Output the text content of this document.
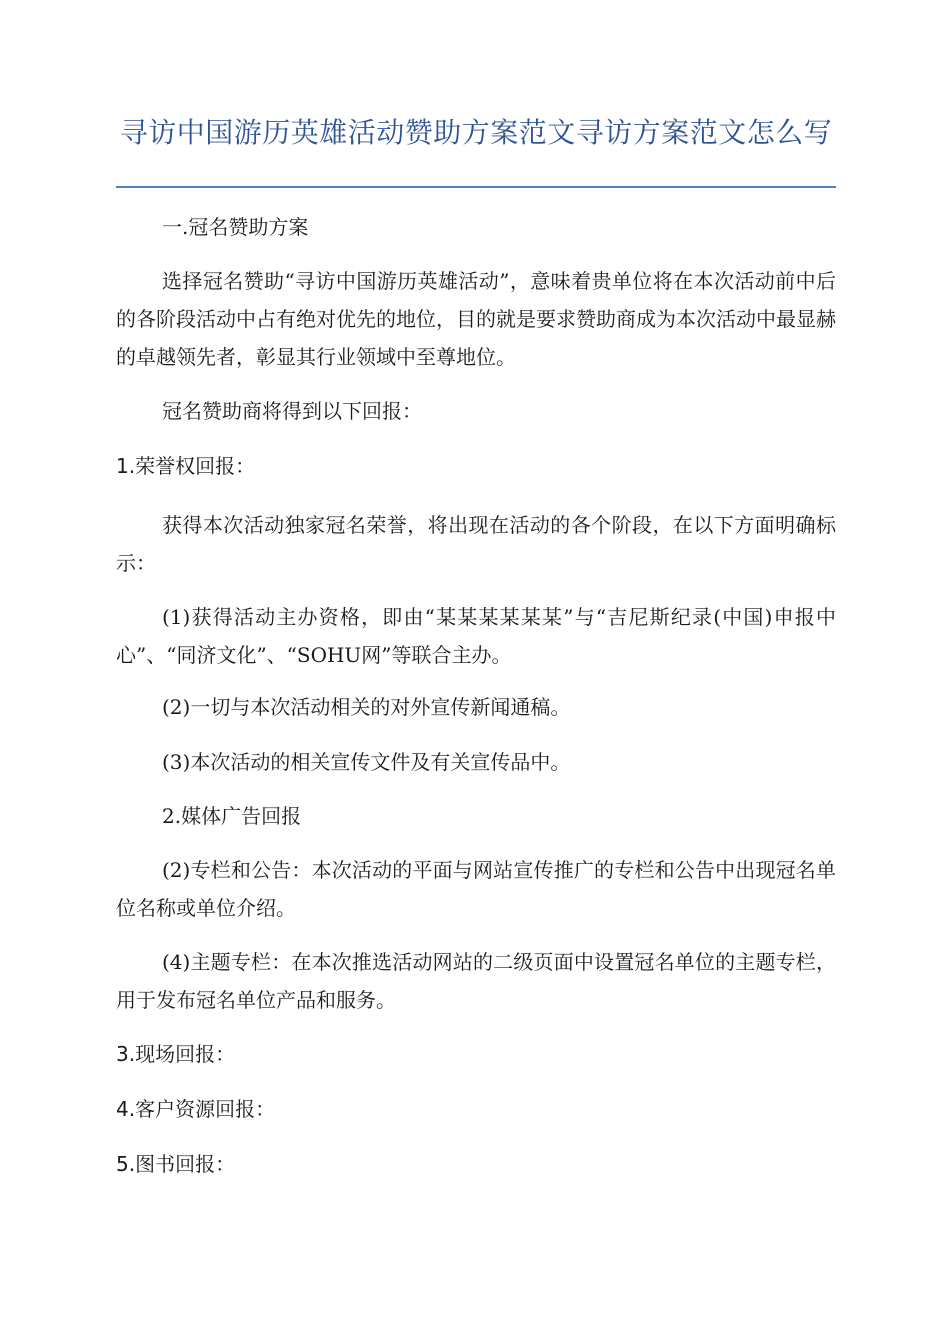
寻访中国游历英雄活动赞助方案范文寻访方案范文怎么写

一.冠名赞助方案

选择冠名赞助“寻访中国游历英雄活动”，意味着贵单位将在本次活动前中后的各阶段活动中占有绝对优先的地位，目的就是要求赞助商成为本次活动中最显赫的卓越领先者，彰显其行业领域中至尊地位。

冠名赞助商将得到以下回报：

1.荣誉权回报：

获得本次活动独家冠名荣誉，将出现在活动的各个阶段，在以下方面明确标示：

(1)获得活动主办资格，即由“某某某某某某”与“吉尼斯纪录(中国)申报中心”、“同济文化”、“SOHU网”等联合主办。

(2)一切与本次活动相关的对外宣传新闻通稿。

(3)本次活动的相关宣传文件及有关宣传品中。

2.媒体广告回报

(2)专栏和公告：本次活动的平面与网站宣传推广的专栏和公告中出现冠名单位名称或单位介绍。

(4)主题专栏：在本次推选活动网站的二级页面中设置冠名单位的主题专栏，用于发布冠名单位产品和服务。

3.现场回报：

4.客户资源回报：

5.图书回报：
